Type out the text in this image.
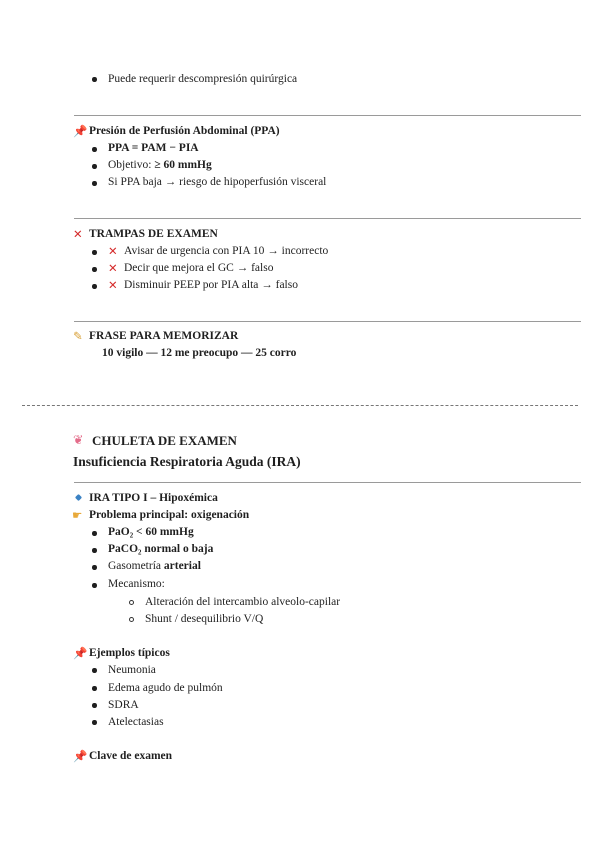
Puede requerir descompresión quirúrgica
📌 Presión de Perfusión Abdominal (PPA)
PPA = PAM − PIA
Objetivo: ≥ 60 mmHg
Si PPA baja → riesgo de hipoperfusión visceral
✕ TRAMPAS DE EXAMEN
✕ Avisar de urgencia con PIA 10 → incorrecto
✕ Decir que mejora el GC → falso
✕ Disminuir PEEP por PIA alta → falso
✎ FRASE PARA MEMORIZAR
10 vigilo — 12 me preocupo — 25 corro
❦ CHULETA DE EXAMEN
Insuficiencia Respiratoria Aguda (IRA)
IRA TIPO I – Hipoxémica
☛ Problema principal: oxigenación
PaO₂ < 60 mmHg
PaCO₂ normal o baja
Gasometría arterial
Mecanismo:
Alteración del intercambio alveolo-capilar
Shunt / desequilibrio V/Q
📌 Ejemplos típicos
Neumonia
Edema agudo de pulmón
SDRA
Atelectasias
📌 Clave de examen
